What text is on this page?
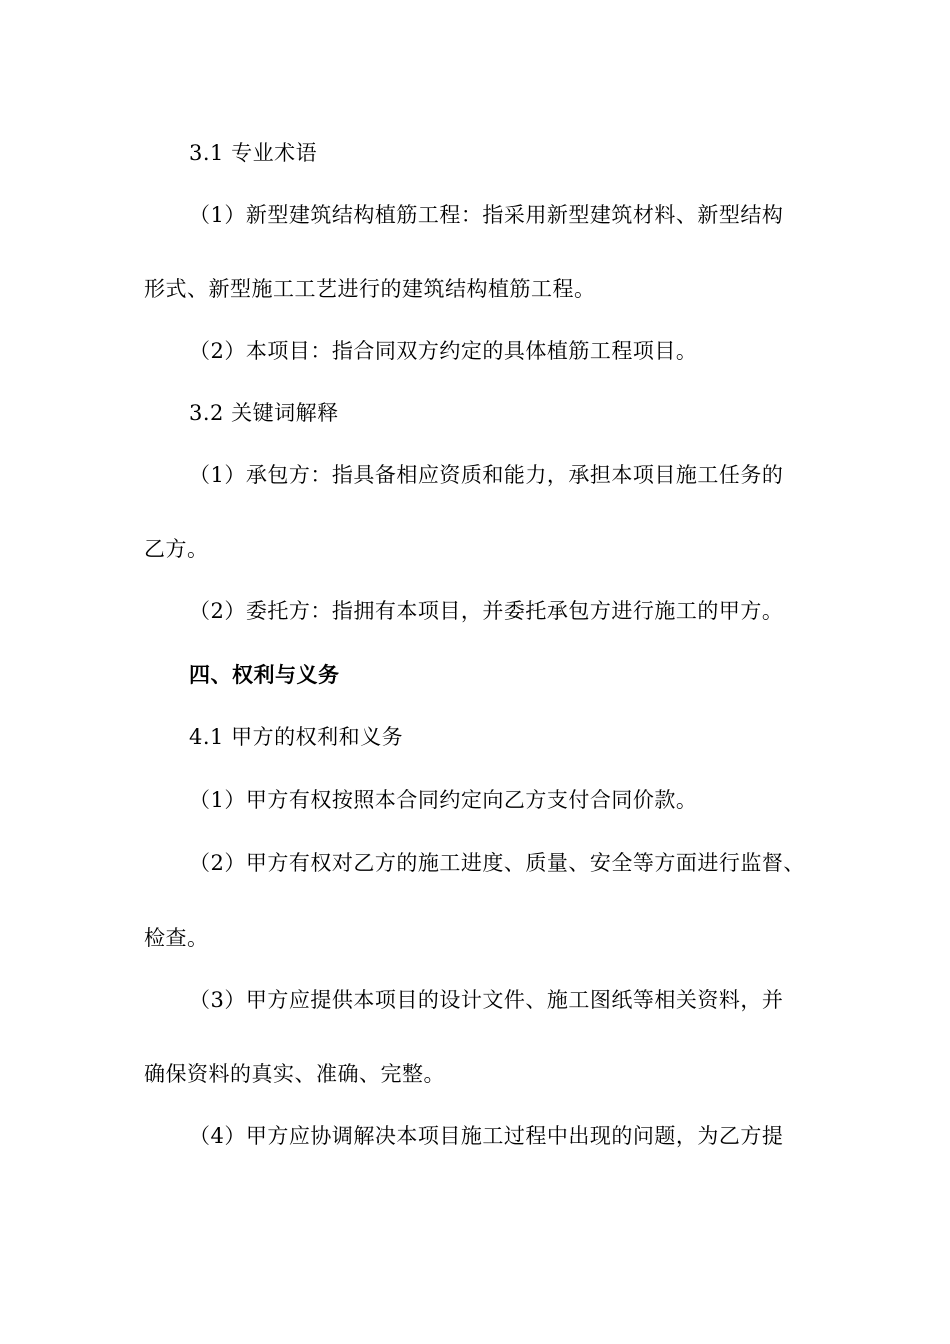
3.1 专业术语
（1）新型建筑结构植筋工程：指采用新型建筑材料、新型结构
形式、新型施工工艺进行的建筑结构植筋工程。
（2）本项目：指合同双方约定的具体植筋工程项目。
3.2 关键词解释
（1）承包方：指具备相应资质和能力，承担本项目施工任务的
乙方。
（2）委托方：指拥有本项目，并委托承包方进行施工的甲方。
四、权利与义务
4.1 甲方的权利和义务
（1）甲方有权按照本合同约定向乙方支付合同价款。
（2）甲方有权对乙方的施工进度、质量、安全等方面进行监督、
检查。
（3）甲方应提供本项目的设计文件、施工图纸等相关资料，并
确保资料的真实、准确、完整。
（4）甲方应协调解决本项目施工过程中出现的问题，为乙方提
